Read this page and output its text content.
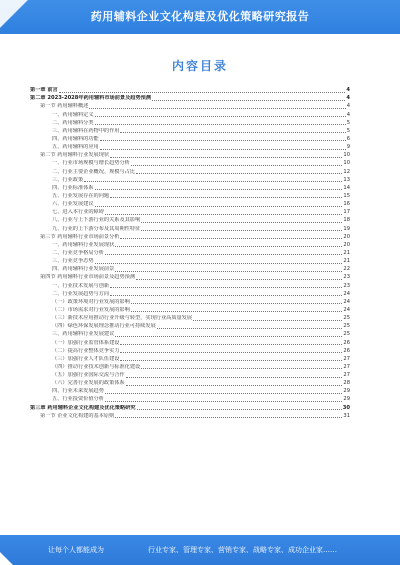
药用辅料企业文化构建及优化策略研究报告
内容目录
第一章 前言	4
第二章 2023-2028年药用辅料市场前景及趋势预测	4
第一节 药用辅料概述	4
一、药用辅料定义	4
二、药用辅料分类	5
三、药用辅料在药物中的作用	5
四、药用辅料的功能	6
五、药用辅料的应用	9
第二节 药用辅料行业发展现状	10
一、行业市场规模与增长趋势分析	10
二、行业主要企业概况、规模与占比	12
三、行业政策	13
四、行业标准体系	14
五、行业发展存在的问题	15
六、行业发展建议	16
七、进入本行业的障碍	17
八、行业与上下游行业的关系及其影响	18
九、行业的上下游分布及其周期性特征	19
第三节 药用辅料行业市场前景分析	20
一、药用辅料行业发展现状	20
二、行业竞争格局分析	21
三、行业竞争态势	21
四、药用辅料行业发展前景	22
第四节 药用辅料行业市场前景及趋势预测	23
一、行业技术发展与创新	23
二、行业发展趋势与方向	24
（一）政策环境对行业发展的影响	24
（二）市场需求对行业发展的影响	24
（三）新技术应用推动行业升级与转型，实现行业高质量发展	25
（四）绿色环保发展理念推动行业可持续发展	25
三、药用辅料行业发展建议	25
（一）加强行业监管体系建设	26
（二）提高行业整体竞争实力	26
（三）加强行业人才队伍建设	27
（四）推动行业技术创新与标准化建设	27
（五）加强行业国际交流与合作	27
（六）完善行业发展的政策体系	28
四、行业未来发展趋势	29
五、行业投资价值分析	29
第三章 药用辅料企业文化构建及优化策略研究	30
第一节 企业文化构建的基本原则	31
让每个人都能成为	行业专家、管理专家、营销专家、战略专家、成功企业家……
